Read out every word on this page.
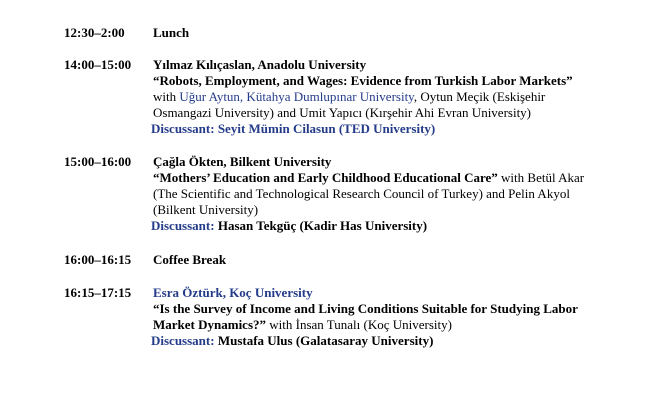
12:30–2:00 Lunch
14:00–15:00 Yılmaz Kılıçaslan, Anadolu University
“Robots, Employment, and Wages: Evidence from Turkish Labor Markets”
with Uğur Aytun, Kütahya Dumlupınar University, Oytun Meçik (Eskişehir
Osmangazi University) and Umit Yapıcı (Kırşehir Ahi Evran University)
Discussant: Seyit Mümin Cilasun (TED University)
15:00–16:00 Çağla Ökten, Bilkent University
“Mothers’ Education and Early Childhood Educational Care” with Betül Akar
(The Scientific and Technological Research Council of Turkey) and Pelin Akyol
(Bilkent University)
Discussant: Hasan Tekgüç (Kadir Has University)
16:00–16:15 Coffee Break
16:15–17:15 Esra Öztürk, Koç University
“Is the Survey of Income and Living Conditions Suitable for Studying Labor
Market Dynamics?” with İnsan Tunalı (Koç University)
Discussant: Mustafa Ulus (Galatasaray University)
